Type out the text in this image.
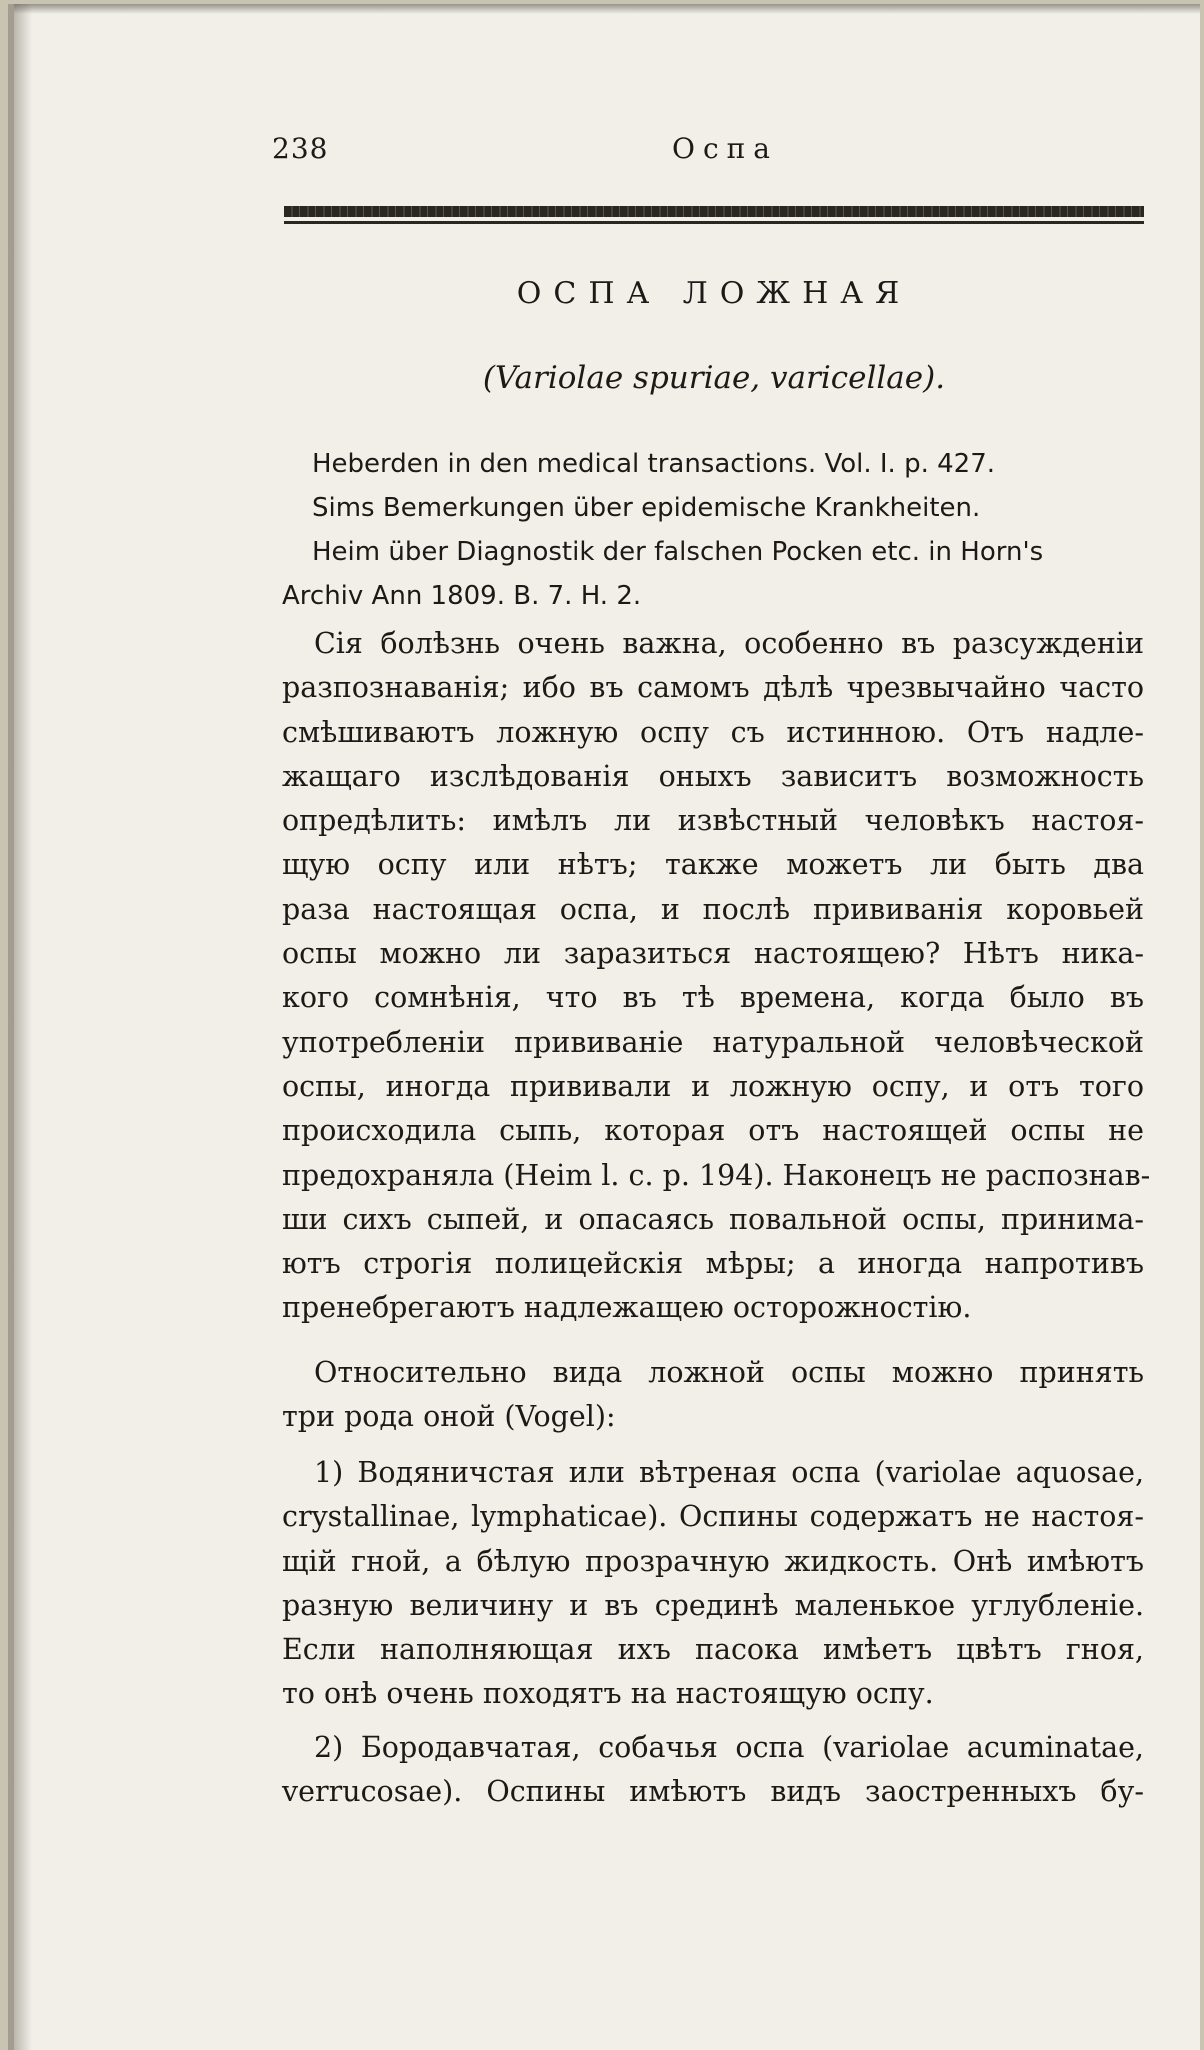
238	Оспа
ОСПА ЛОЖНАЯ
(Variolae spuriae, varicellae).
Heberden in den medical transactions. Vol. I. p. 427.
Sims Bemerkungen über epidemische Krankheiten.
Heim über Diagnostik der falschen Pocken etc. in Horn's
Archiv Ann 1809. B. 7. H. 2.
Сія болѣзнь очень важна, особенно въ разсужденіи
разпознаванія; ибо въ самомъ дѣлѣ чрезвычайно часто
смѣшиваютъ ложную оспу съ истинною. Отъ надле-
жащаго изслѣдованія оныхъ зависитъ возможность
опредѣлить: имѣлъ ли извѣстный человѣкъ настоя-
щую оспу или нѣтъ; также можетъ ли быть два
раза настоящая оспа, и послѣ прививанія коровьей
оспы можно ли заразиться настоящею? Нѣтъ ника-
кого сомнѣнія, что въ тѣ времена, когда было въ
употребленіи прививаніе натуральной человѣческой
оспы, иногда прививали и ложную оспу, и отъ того
происходила сыпь, которая отъ настоящей оспы не
предохраняла (Heim l. c. p. 194). Наконецъ не распознав-
ши сихъ сыпей, и опасаясь повальной оспы, принима-
ютъ строгія полицейскія мѣры; а иногда напротивъ
пренебрегаютъ надлежащею осторожностію.
Относительно вида ложной оспы можно принять
три рода оной (Vogel):
1) Водяничстая или вѣтреная оспа (variolae aquosae,
crystallinae, lymphaticae). Оспины содержатъ не настоя-
щій гной, а бѣлую прозрачную жидкость. Онѣ имѣютъ
разную величину и въ срединѣ маленькое углубленіе.
Если наполняющая ихъ пасока имѣетъ цвѣтъ гноя,
то онѣ очень походятъ на настоящую оспу.
2) Бородавчатая, собачья оспа (variolae acuminatae,
verrucosae). Оспины имѣютъ видъ заостренныхъ бу-
